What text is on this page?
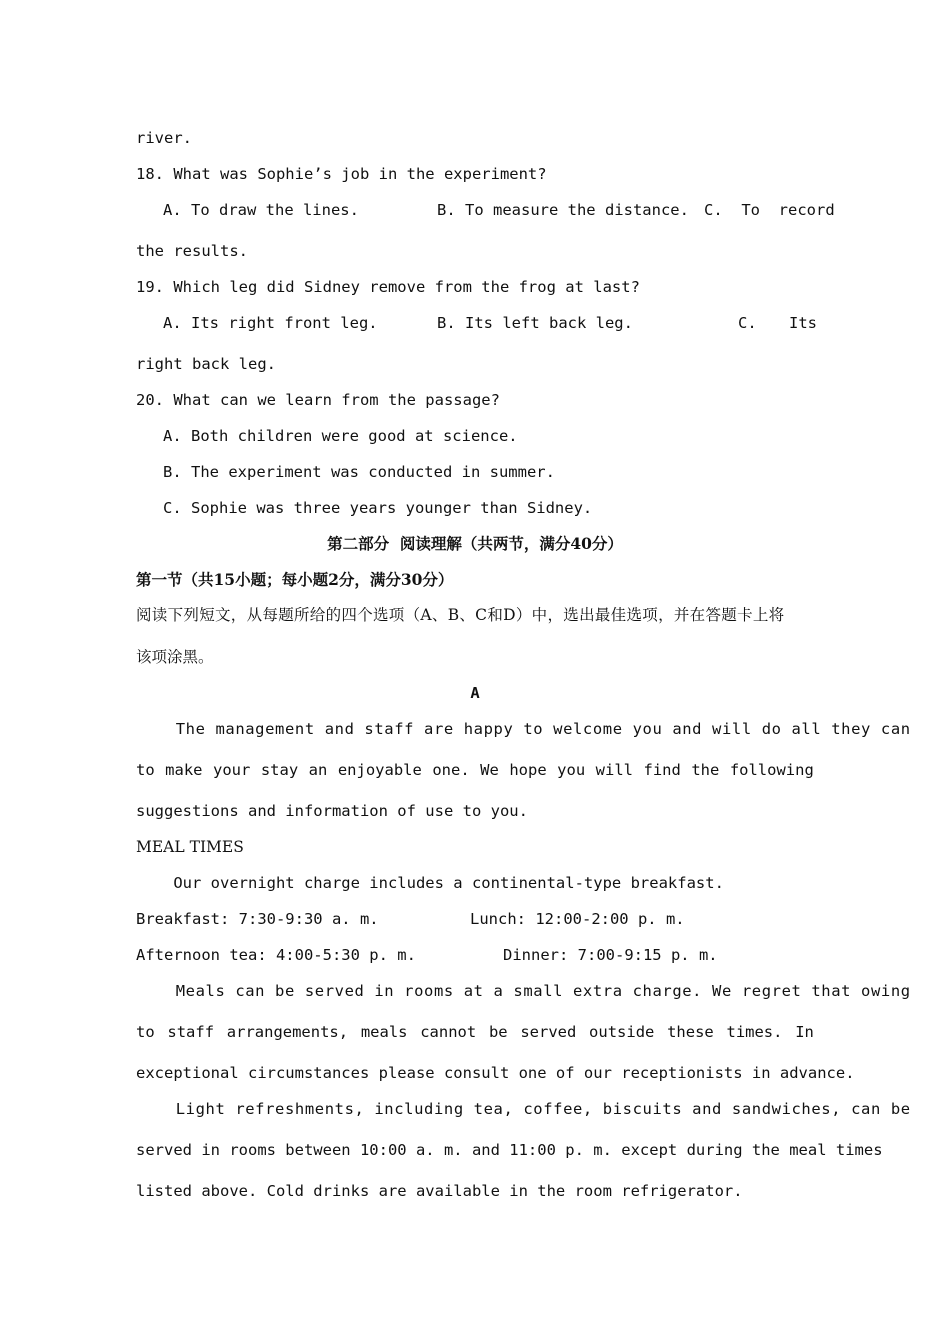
river.
18. What was Sophie’s job in the experiment?
A. To draw the lines.	B. To measure the distance. C.  To  record
the results.
19. Which leg did Sidney remove from the frog at last?
A. Its right front leg.	B. Its left back leg.	C. Its
right back leg.
20. What can we learn from the passage?
A. Both children were good at science.
B. The experiment was conducted in summer.
C. Sophie was three years younger than Sidney.
第二部分  阅读理解（共两节，满分40分）
第一节（共15小题；每小题2分，满分30分）
阅读下列短文，从每题所给的四个选项（A、B、C和D）中，选出最佳选项，并在答题卡上将
该项涂黑。
A
The management and staff are happy to welcome you and will do all they can
to make your stay an enjoyable one. We hope you will find the following
suggestions and information of use to you.
MEAL TIMES
Our overnight charge includes a continental-type breakfast.
Breakfast: 7:30-9:30 a. m.	Lunch: 12:00-2:00 p. m.
Afternoon tea: 4:00-5:30 p. m.	Dinner: 7:00-9:15 p. m.
Meals can be served in rooms at a small extra charge. We regret that owing
to staff arrangements, meals cannot be served outside these times. In
exceptional circumstances please consult one of our receptionists in advance.
Light refreshments, including tea, coffee, biscuits and sandwiches, can be
served in rooms between 10:00 a. m. and 11:00 p. m. except during the meal times
listed above. Cold drinks are available in the room refrigerator.
